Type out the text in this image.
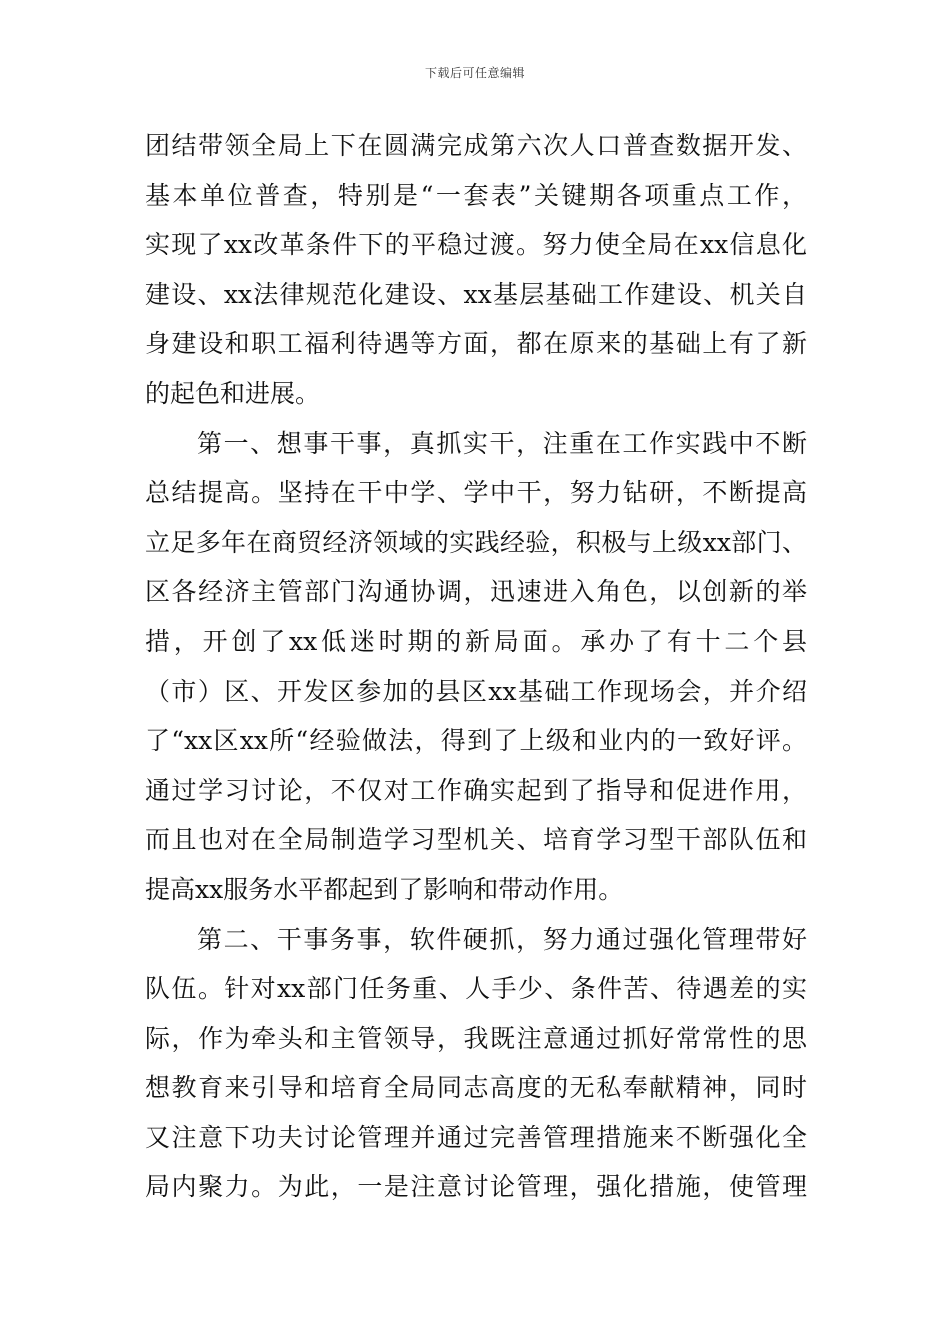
下载后可任意编辑
团结带领全局上下在圆满完成第六次人口普查数据开发、
基本单位普查，特别是“一套表”关键期各项重点工作，
实现了xx改革条件下的平稳过渡。努力使全局在xx信息化
建设、xx法律规范化建设、xx基层基础工作建设、机关自
身建设和职工福利待遇等方面，都在原来的基础上有了新
的起色和进展。
第一、想事干事，真抓实干，注重在工作实践中不断
总结提高。坚持在干中学、学中干，努力钻研，不断提高
立足多年在商贸经济领域的实践经验，积极与上级xx部门、
区各经济主管部门沟通协调，迅速进入角色，以创新的举
措，开创了xx低迷时期的新局面。承办了有十二个县
（市）区、开发区参加的县区xx基础工作现场会，并介绍
了“xx区xx所“经验做法，得到了上级和业内的一致好评。
通过学习讨论，不仅对工作确实起到了指导和促进作用，
而且也对在全局制造学习型机关、培育学习型干部队伍和
提高xx服务水平都起到了影响和带动作用。
第二、干事务事，软件硬抓，努力通过强化管理带好
队伍。针对xx部门任务重、人手少、条件苦、待遇差的实
际，作为牵头和主管领导，我既注意通过抓好常常性的思
想教育来引导和培育全局同志高度的无私奉献精神，同时
又注意下功夫讨论管理并通过完善管理措施来不断强化全
局内聚力。为此，一是注意讨论管理，强化措施，使管理
